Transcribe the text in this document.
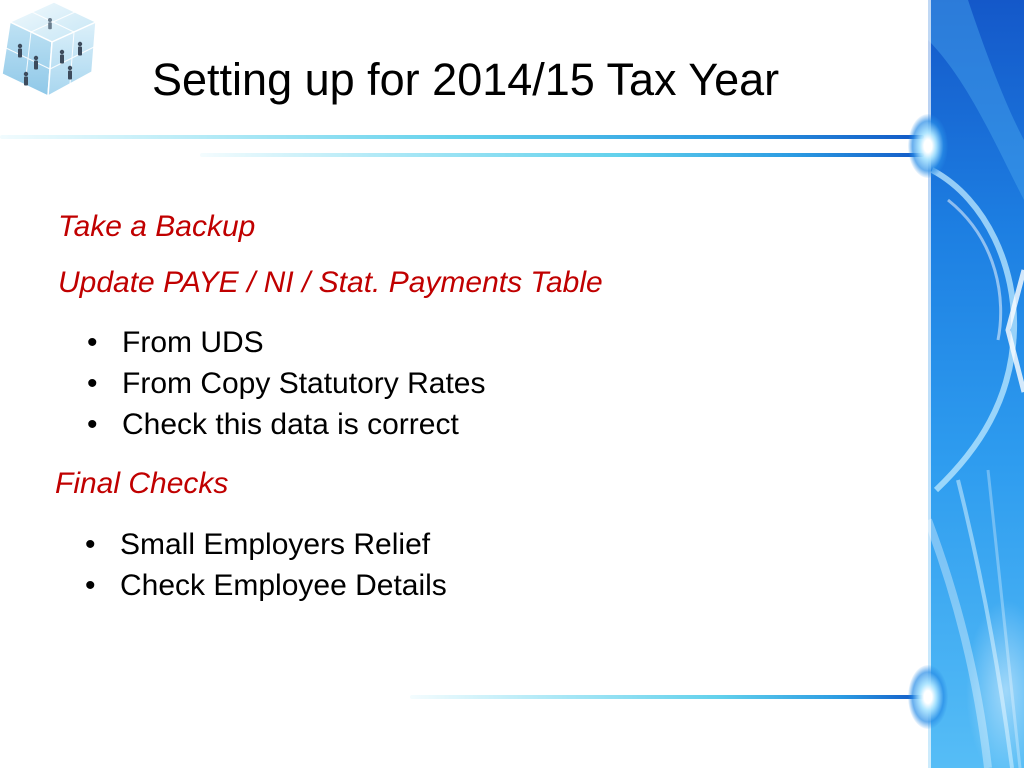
Setting up for 2014/15 Tax Year
Take a Backup
Update PAYE / NI / Stat. Payments Table
• From UDS
• From Copy Statutory Rates
• Check this data is correct
Final Checks
• Small Employers Relief
• Check Employee Details
